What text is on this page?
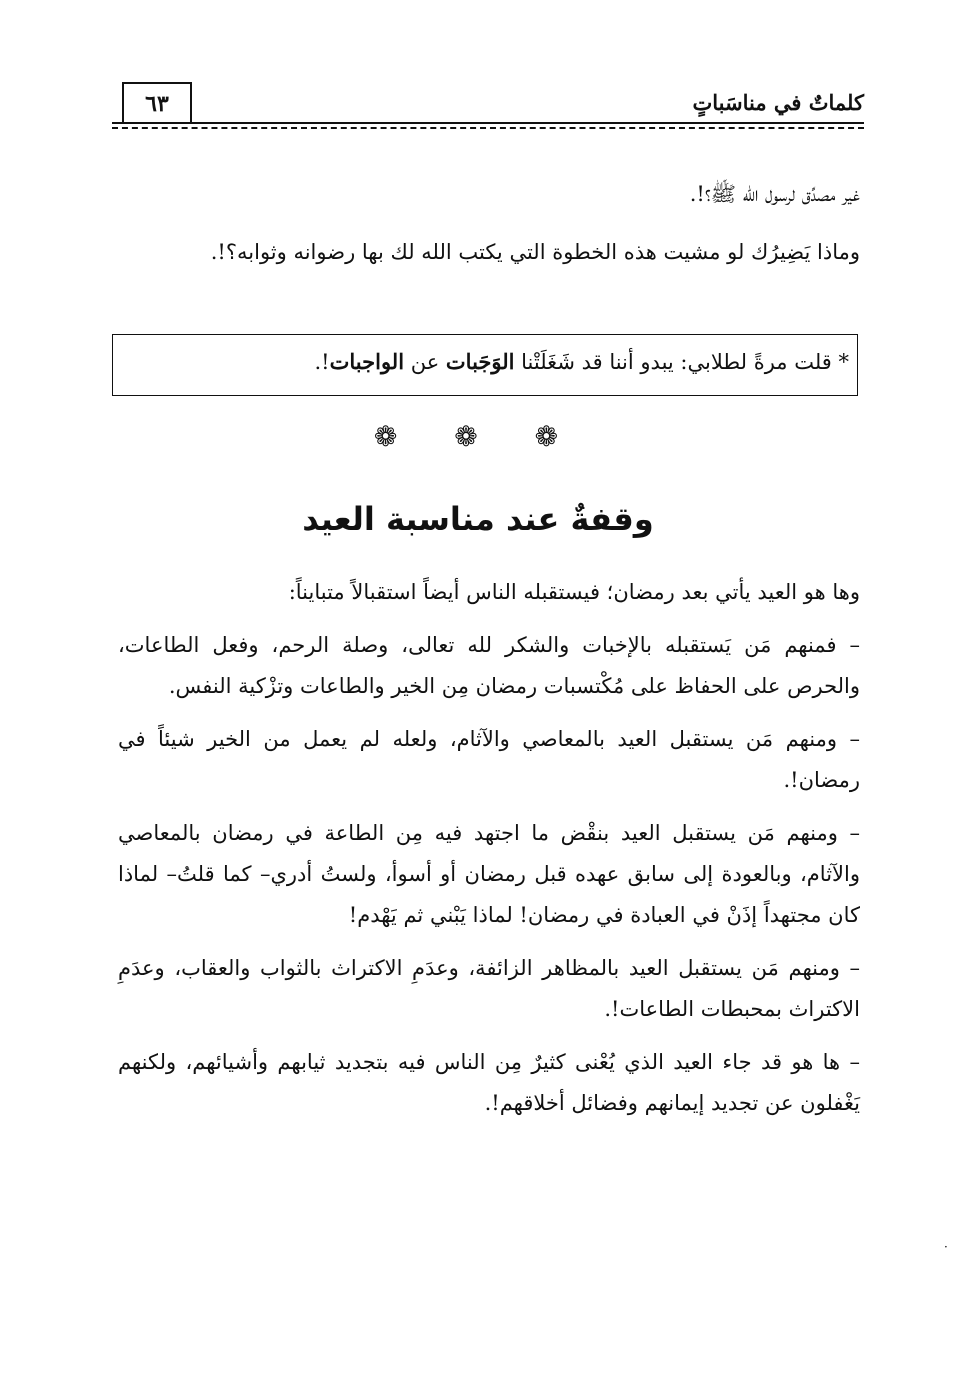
٦٣	كلماتٌ في مناسَباتٍ

غير مصدِّق لرسول الله ﷺ؟!.

وماذا يَضِيرُك لو مشيت هذه الخطوة التي يكتب الله لك بها رضوانه وثوابه؟!.

* قلت مرةً لطلابي: يبدو أننا قد شَغَلَتْنا الوَجَبات عن الواجبات!.
❁ ❁ ❁
وقفةٌ عند مناسبة العيد

وها هو العيد يأتي بعد رمضان؛ فيستقبله الناس أيضاً استقبالاً متبايناً:

– فمنهم مَن يَستقبله بالإخبات والشكر لله تعالى، وصلة الرحم، وفعل الطاعات، والحرص على الحفاظ على مُكْتسبات رمضان مِن الخير والطاعات وتزْكية النفس.

– ومنهم مَن يستقبل العيد بالمعاصي والآثام، ولعله لم يعمل من الخير شيئاً في رمضان!.

– ومنهم مَن يستقبل العيد بنقْض ما اجتهد فيه مِن الطاعة في رمضان بالمعاصي والآثام، وبالعودة إلى سابق عهده قبل رمضان أو أسوأ، ولستُ أدري– كما قلتُ– لماذا كان مجتهداً إذَنْ في العبادة في رمضان! لماذا يَبْني ثم يَهْدم!

– ومنهم مَن يستقبل العيد بالمظاهر الزائفة، وعدَمِ الاكتراث بالثواب والعقاب، وعدَمِ الاكتراث بمحبطات الطاعات!.

– ها هو قد جاء العيد الذي يُعْنى كثيرٌ مِن الناس فيه بتجديد ثيابهم وأشيائهم، ولكنهم يَغْفلون عن تجديد إيمانهم وفضائل أخلاقهم!.

·
